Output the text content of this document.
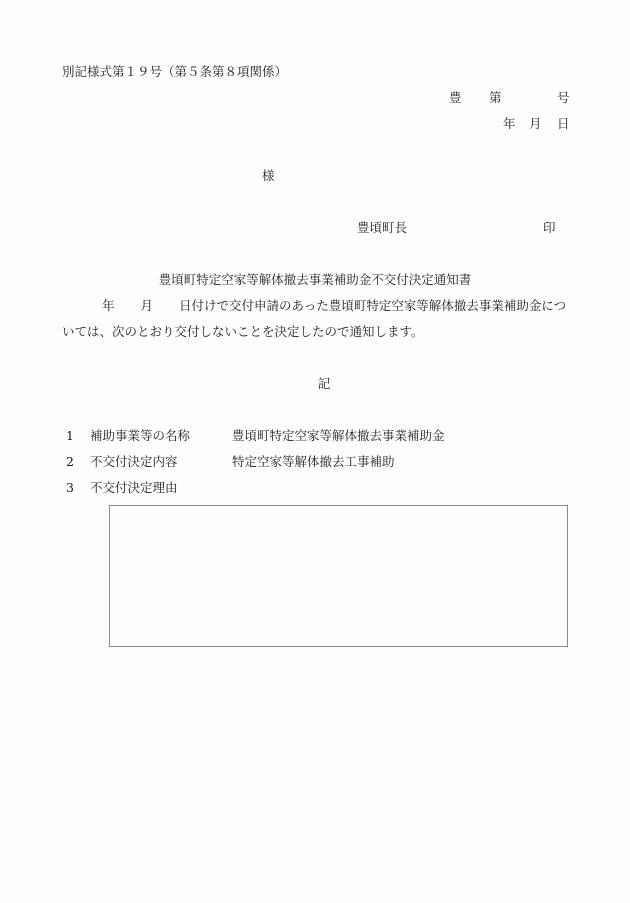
別記様式第１９号（第５条第８項関係）
豊 第	号
年 月 日
様
豊頃町長	印
豊頃町特定空家等解体撤去事業補助金不交付決定通知書
年 月 日付けで交付申請のあった豊頃町特定空家等解体撤去事業補助金につ
いては、次のとおり交付しないことを決定したので通知します。
記
1 補助事業等の名称	豊頃町特定空家等解体撤去事業補助金
2 不交付決定内容	特定空家等解体撤去工事補助
3 不交付決定理由
